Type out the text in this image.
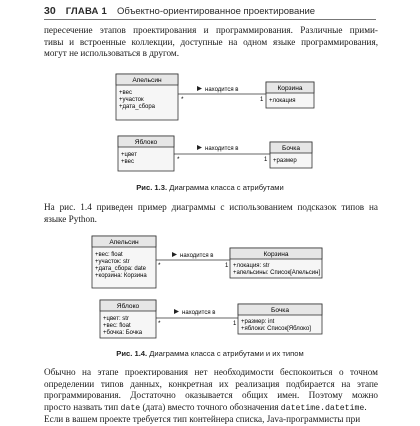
30 ГЛАВА 1 Объектно-ориентированное проектирование

пересечение этапов проектирования и программирования. Различные прими-
тивы и встроенные коллекции, доступные на одном языке программирования,
могут не использоваться в другом.

Апельсин
+вес
+участок
+дата_сбора
Корзина
+локация
находится в
*	1
Яблоко
+цвет
+вес
Бочка
+размер
находится в
*	1
Рис. 1.3. Диаграмма класса с атрибутами

На рис. 1.4 приведен пример диаграммы с использованием подсказок типов на
языке Python.

Апельсин
+вес: float
+участок: str
+дата_сбора: date
+корзина: Корзина
Корзина
+локация: str
+апельсины: Список[Апельсин]
находится в
*	1
Яблоко
+цвет: str
+вес: float
+бочка: Бочка
Бочка
+размер: int
+яблоки: Список[Яблоко]
находится в
*	1
Рис. 1.4. Диаграмма класса с атрибутами и их типом

Обычно на этапе проектирования нет необходимости беспокоиться о точном
определении типов данных, конкретная их реализация подбирается на этапе
программирования. Достаточно оказывается общих имен. Поэтому можно
просто назвать тип date (дата) вместо точного обозначения datetime.datetime.
Если в вашем проекте требуется тип контейнера списка, Java-программисты при
